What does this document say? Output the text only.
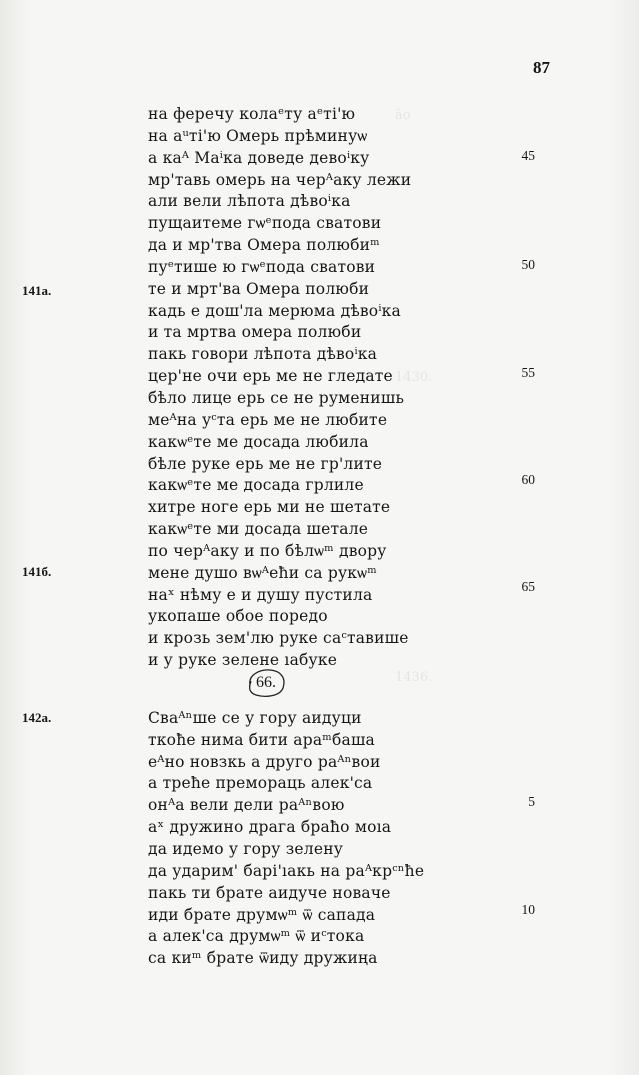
87
а̑о
1430.
1436.
на феречу колаᵉту аᵉтi'ю
на аᵘтi'ю Омерь прѣминуѡ
а каᴬ Маⁱка доведе девоⁱку
мр'тавь омерь на черᴬаку лежи
али вели лѣпота дѣвоⁱка
пущаитеме гѡᵉпода сватови
да и мр'тва Омера полюбиᵐ
пуᵉтише ю гѡᵉпода сватови
те и мрт'ва Омера полюби
кадь е дош'ла мерюма дѣвоⁱка
и та мртва омера полюби
пакь говори лѣпота дѣвоⁱка
цер'не очи ерь ме не гледате
бѣло лице ерь се не руменишь
меᴬна уᶜта ерь ме не любите
какѡᵉте ме досада любила
бѣле руке ерь ме не гр'лите
какѡᵉте ме досада грлиле
хитре ноге ерь ми не шетате
какѡᵉте ми досада шетале
по черᴬаку и по бѣлѡᵐ двору
мене душо вѡᴬеħи са рукѡᵐ
наˣ нѣму е и душу пустила
укопаше обое поредо
и крозь зем'лю руке саᶜтавише
и у руке зелене ıабуке
Сваᴬⁿше се у гору аидуци
ткоħе нима бити араᵐбаша
еᴬно новзкь а друго раᴬⁿвои
а треħе премораць алек'са
онᴬа вели дели раᴬⁿвою
аˣ дружино драга браħо моıа
да идемо у гору зелену
да ударим' барi'ıакь на раᴬкрᶜⁿħе
пакь ти брате аидуче новаче
иди брате друмѡᵐ ѿ сапада
а алек'са друмѡᵐ ѿ иᶜтока
са киᵐ брате ѿиду дружиңа
66.
45
50
55
60
65
5
10
141а.
141б.
142а.
